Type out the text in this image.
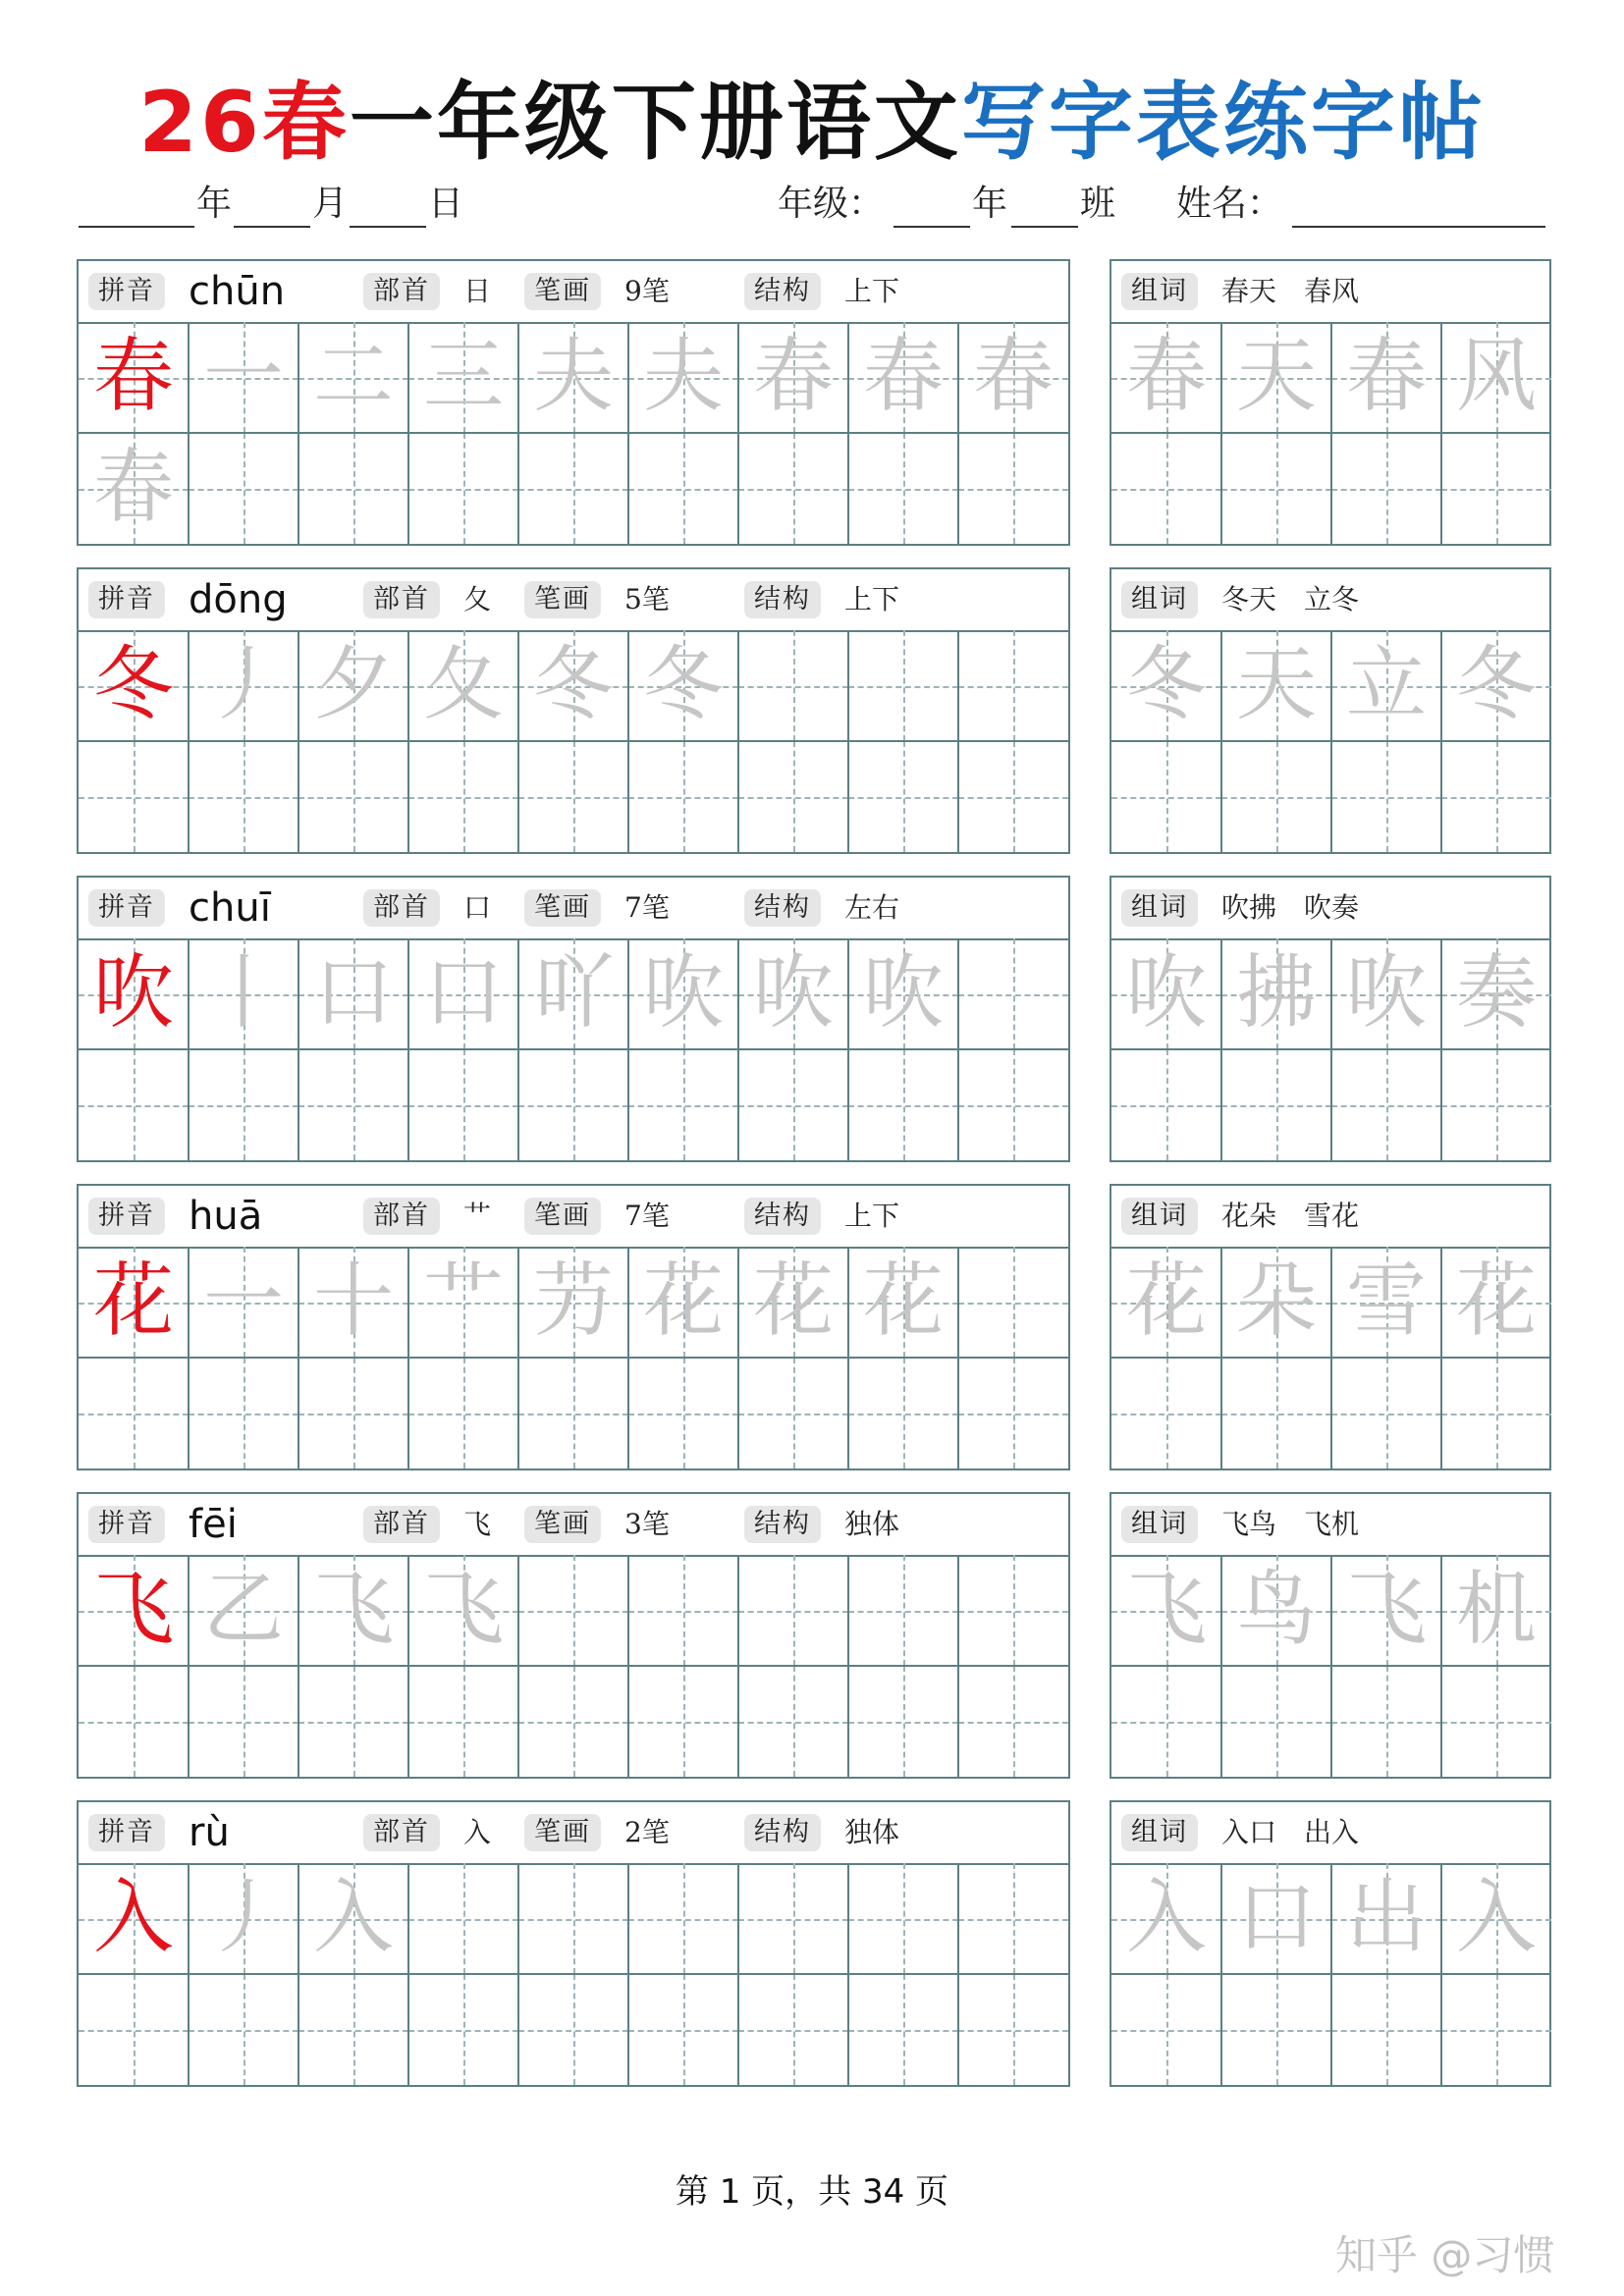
26春一年级下册语文写字表练字帖
年 月 日	年级： 年 班 姓名：
拼音 chūn	部首	日	笔画	9笔	结构	上下
春 一 二 三 夫 夫 春 春 春
春
组词	春天　春风
春 天 春 风
拼音 dōng	部首	夂	笔画	5笔	结构	上下
冬 丿 夕 夂 冬 冬
组词	冬天　立冬
冬 天 立 冬
拼音 chuī	部首	口	笔画	7笔	结构	左右
吹 丨 口 口 吖 吹 吹 吹
组词	吹拂　吹奏
吹 拂 吹 奏
拼音 huā	部首	艹	笔画	7笔	结构	上下
花 一 十 艹 芀 花 花 花
组词	花朵　雪花
花 朵 雪 花
拼音 fēi	部首	飞	笔画	3笔	结构	独体
飞 乙 飞 飞
组词	飞鸟　飞机
飞 鸟 飞 机
拼音 rù	部首	入	笔画	2笔	结构	独体
入 丿 入
组词	入口　出入
入 口 出 入
第 1 页，共 34 页
知乎 @习惯
